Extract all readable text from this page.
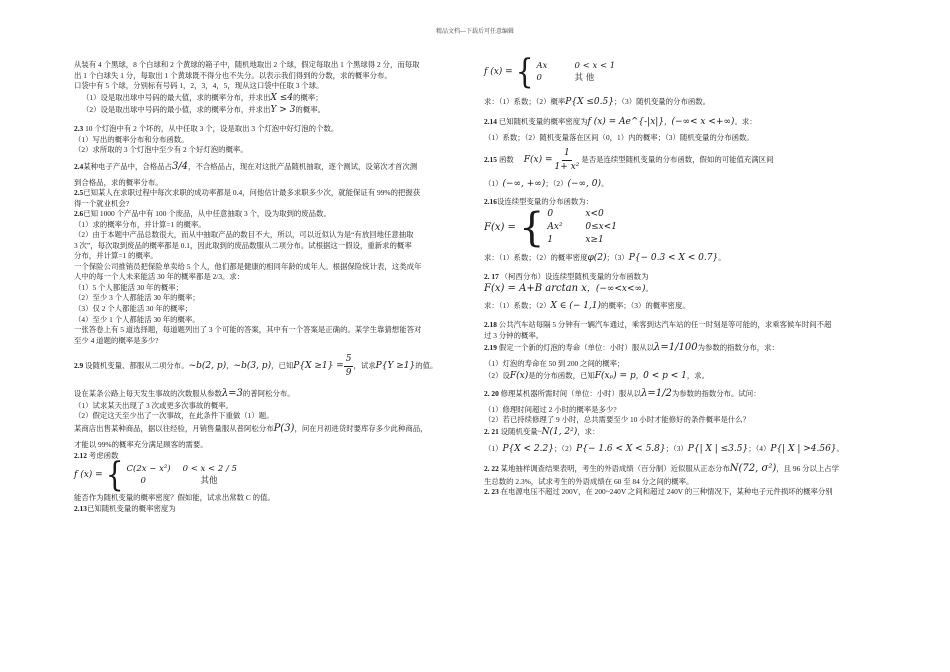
精品文档---下载后可任意编辑

从装有 4 个黑球，8 个白球和 2 个黄球的箱子中，随机地取出 2 个球，假定每取出 1 个黑球得 2 分，而每取

出 1 个白球失 1 分，每取出 1 个黄球既不得分也不失分。以表示我们得到的分数，求的概率分布。

口袋中有 5 个球，分别标有号码 1，2，3，4，5，现从这口袋中任取 3 个球。

（1）设是取出球中号码的最大值，求的概率分布，并求出X ≤4的概率；

（2）设是取出球中号码的最小值，求的概率分布，并求出Y > 3的概率。

2.3 10 个灯泡中有 2 个坏的，从中任取 3 个，设是取出 3 个灯泡中好灯泡的个数。

（1）写出的概率分布和分布函数。

（2）求所取的 3 个灯泡中至少有 2 个好灯泡的概率。

2.4某种电子产品中，合格品占3/4，不合格品占，现在对这批产品随机抽取，逐个测试，设第次才首次测

到合格品，求的概率分布。

2.5已知某人在求职过程中每次求职的成功率都是 0.4，问他估计最多求职多少次，就能保证有 99%的把握获

得一个就业机会?

2.6已知 1000 个产品中有 100 个废品，从中任意抽取 3 个，设为取到的废品数。

（1）求的概率分布，并计算=1 的概率。

（2）由于本题中产品总数很大，而从中抽取产品的数目不大，所以，可以近似认为是“有放回地任意抽取

3 次”，每次取到废品的概率都是 0.1，因此取到的废品数服从二项分布。试根据这一假设，重新求的概率

分布，并计算=1 的概率。

一个保险公司推销员把保险单卖给 5 个人，他们都是健康的相同年龄的成年人。根据保险统计表，这类成年

人中的每一个人未来能活 30 年的概率都是 2/3。求：

（1）5 个人都能活 30 年的概率；

（2）至少 3 个人都能活 30 年的概率；

（3）仅 2 个人都能活 30 年的概率；

（4）至少 1 个人都能活 30 年的概率。

一张答卷上有 5 道选择题，每道题列出了 3 个可能的答案，其中有一个答案是正确的。某学生靠猜想能答对

至少 4 道题的概率是多少?

2.9 设随机变量、都服从二项分布。~b(2, p)，~b(3, p)，已知$P\{X \ge 1\} = \frac{5}{9}$ ，试求P{Y ≥1}的值。

设在某条公路上每天发生事故的次数服从参数λ=3的普阿松分布。

（1）试求某天出现了 3 次或更多次事故的概率。

（2）假定这天至少出了一次事故，在此条件下重做（1）题。

某商店出售某种商品，据以往经验，月销售量服从普阿松分布P(3)，问在月初进货时要库存多少此种商品，

才能以 99%的概率充分满足顾客的需要。

2.12 考虑函数

f (x) = { C(2x − x²) 0 < x < 2 / 5
0	其他

能否作为随机变量的概率密度？假如能，试求出常数 C 的值。

2.13已知随机变量的概率密度为

f (x) = { Ax	0 < x < 1
0	其 他

求：（1）系数；（2）概率P{X ≤0.5}；（3）随机变量的分布函数。

2.14 已知随机变量的概率密度为f (x) = Ae^{-|x|}，(−∞< x <+∞)。求：

（1）系数；（2）随机变量落在区间（0，1）内的概率；（3）随机变量的分布函数。

2.15 函数 $F(x) = \frac{1}{\text{1+ x²}}$ 是否是连续型随机变量的分布函数，假如的可能值充满区间

（1）(−∞, +∞)；（2）(−∞, 0)。

2.16设连续型变量的分布函数为：

F(x) = { 0	x<0
Ax²	0≤x<1
1	x≥1

求：（1）系数；（2）的概率密度φ(2)；（3）P{− 0.3 < X < 0.7}。

2. 17 （柯西分布）设连续型随机变量的分布函数为

F(x) = A+B arctan x，(−∞<x<∞)。

求：（1）系数；（2）X ∈ (− 1,1)的概率；（3）的概率密度。

2.18 公共汽车站每隔 5 分钟有一辆汽车通过，乘客到达汽车站的任一时刻是等可能的，求乘客候车时间不超

过 3 分钟的概率。

2.19 假定一个新的灯泡的寿命（单位：小时）服从以λ=1/100为参数的指数分布，求：

（1）灯泡的寿命在 50 到 200 之间的概率；

（2）设F(x)是的分布函数，已知F(xₚ) = p，0 < p < 1，求。

2. 20 修理某机器所需时间（单位：小时）服从以λ=1/2为参数的指数分布。试问：

（1）修理时间超过 2 小时的概率是多少?

（2）若已持续修理了 9 小时，总共需要至少 10 小时才能修好的条件概率是什么？

2. 21 设随机变量~N(1, 2²)，求：

（1）P{X < 2.2}；（2）P{− 1.6 < X < 5.8}；（3）P{| X | ≤3.5}；（4）P{| X | >4.56}。

2. 22 某地抽样调查结果表明，考生的外语成绩（百分制）近似服从正态分布N(72, σ²)，且 96 分以上占学

生总数的 2.3%，试求考生的外语成绩在 60 至 84 分之间的概率。

2. 23 在电源电压不超过 200V，在 200~240V 之间和超过 240V 的三种情况下，某种电子元件损坏的概率分别
